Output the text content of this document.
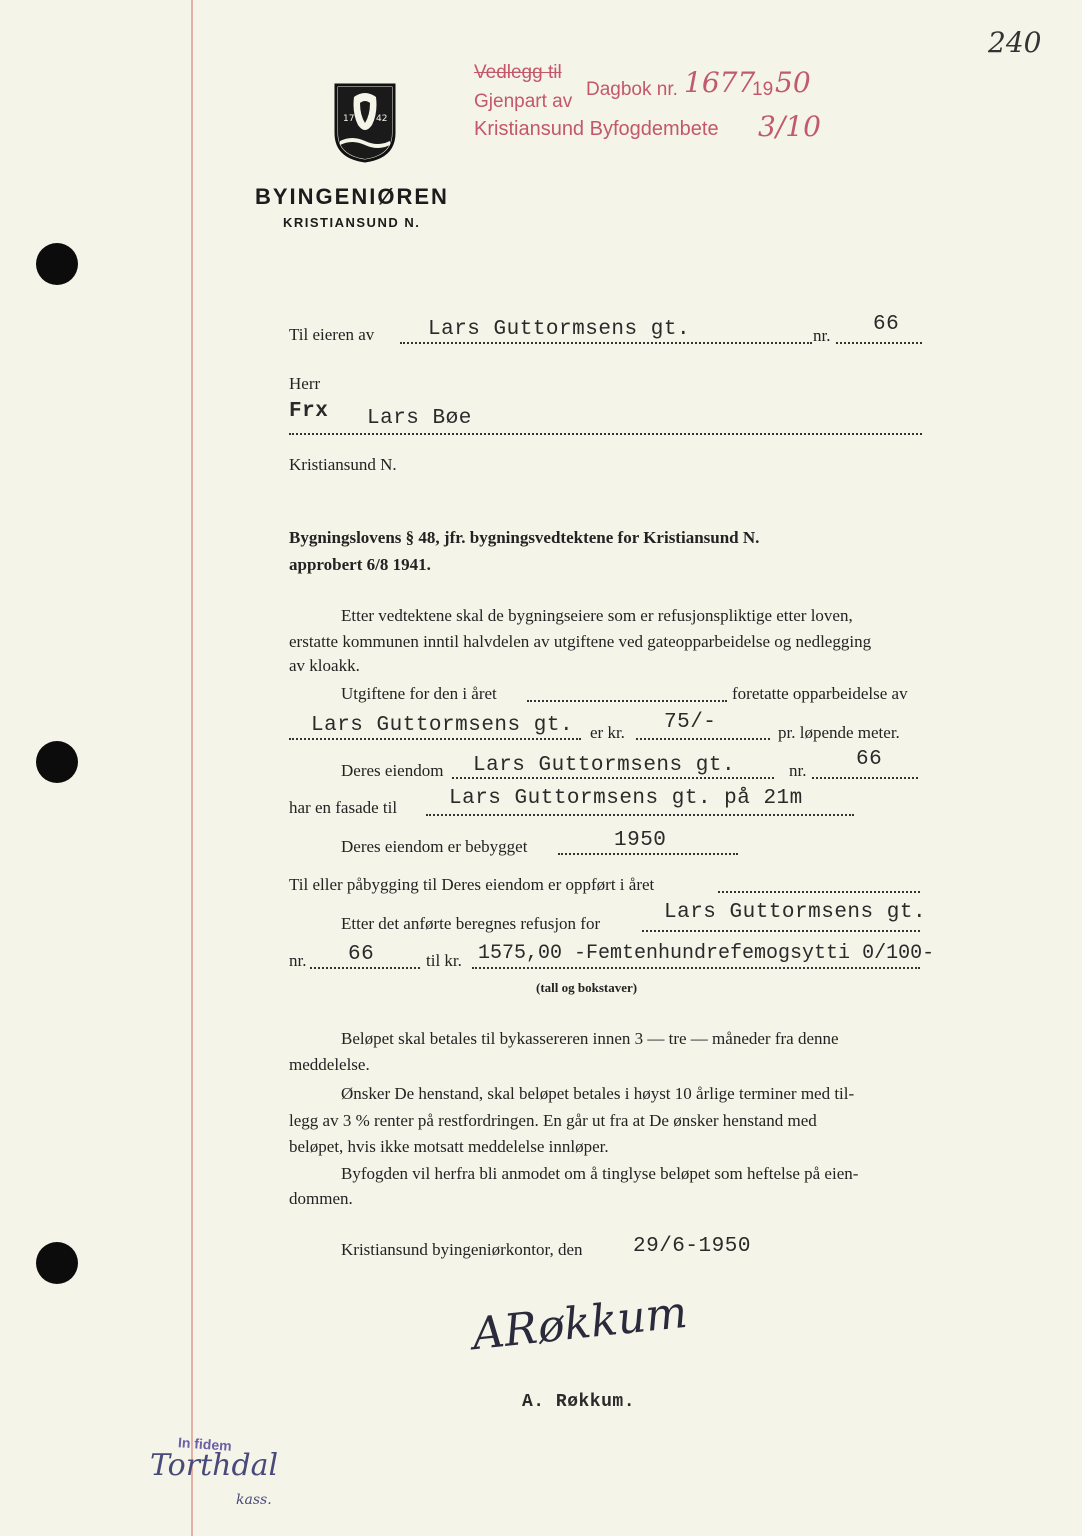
240
Vedlegg til
Dagbok nr. 1677
19 50
Gjenpart av
Kristiansund Byfogdembete 3/10
17 42
BYINGENIØREN
KRISTIANSUND N.
Til eieren av	Lars Guttormsens gt.	nr. 66
Herr
Frx Lars Bøe
Kristiansund N.
Bygningslovens § 48, jfr. bygningsvedtektene for Kristiansund N.
approbert 6/8 1941.
Etter vedtektene skal de bygningseiere som er refusjonspliktige etter loven,
erstatte kommunen inntil halvdelen av utgiftene ved gateopparbeidelse og nedlegging
av kloakk.
Utgiftene for den i året	foretatte opparbeidelse av
Lars Guttormsens gt. er kr. 75/-	pr. løpende meter.
Deres eiendom Lars Guttormsens gt.	nr. 66
har en fasade til Lars Guttormsens gt. på 21m
Deres eiendom er bebygget	1950
Til eller påbygging til Deres eiendom er oppført i året
Etter det anførte beregnes refusjon for	Lars Guttormsens gt.
nr. 66	til kr. 1575,00 -Femtenhundrefemogsytti 0/100-
(tall og bokstaver)
Beløpet skal betales til bykassereren innen 3 — tre — måneder fra denne
meddelelse.
Ønsker De henstand, skal beløpet betales i høyst 10 årlige terminer med til-
legg av 3 % renter på restfordringen. En går ut fra at De ønsker henstand med
beløpet, hvis ikke motsatt meddelelse innløper.
Byfogden vil herfra bli anmodet om å tinglyse beløpet som heftelse på eien-
dommen.
Kristiansund byingeniørkontor, den 29/6-1950
ARøkkum
A. Røkkum.
In fidem
Torthdal
kass.
